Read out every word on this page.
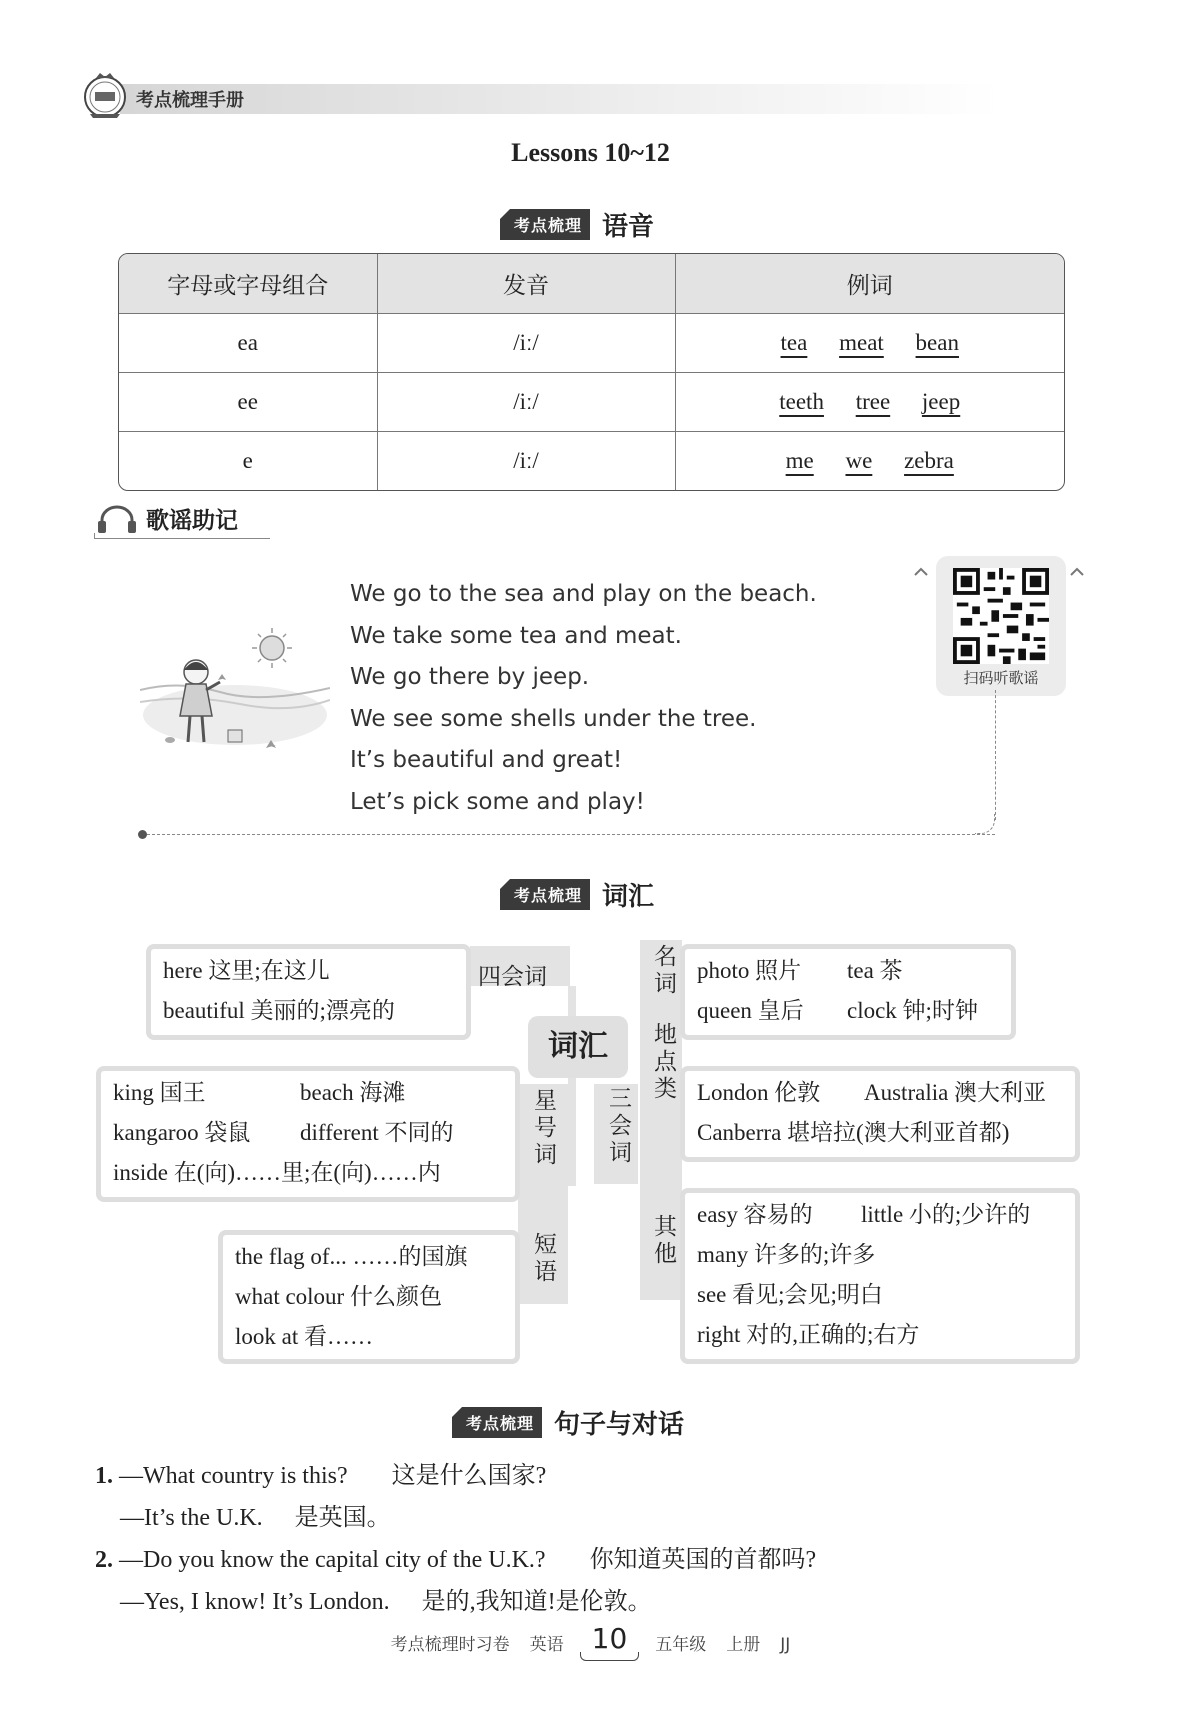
考点梳理手册
Lessons 10~12
考点梳理 语音
字母或字母组合	发音	例词
ea	/iː/	tea meat bean
ee	/iː/	teeth tree jeep
e	/iː/	me we zebra
歌谣助记
We go to the sea and play on the beach.
We take some tea and meat.
We go there by jeep.
We see some shells under the tree.
It’s beautiful and great!
Let’s pick some and play!
扫码听歌谣
考点梳理 词汇
词汇
here 这里;在这儿
beautiful 美丽的;漂亮的
四会词
king 国王	beach 海滩
kangaroo 袋鼠 different 不同的
inside 在(向)……里;在(向)……内
星号词
the flag of... ……的国旗
what colour 什么颜色
look at 看……
短语
三会词
名词 photo 照片 tea 茶
queen 皇后 clock 钟;时钟
地点类 London 伦敦 Australia 澳大利亚
Canberra 堪培拉(澳大利亚首都)
其他 easy 容易的 little 小的;少许的
many 许多的;许多
see 看见;会见;明白
right 对的,正确的;右方
考点梳理 句子与对话
1. —What country is this? 这是什么国家?
—It’s the U.K. 是英国。
2. —Do you know the capital city of the U.K.? 你知道英国的首都吗?
—Yes, I know! It’s London. 是的,我知道!是伦敦。
考点梳理时习卷 英语 10	五年级 上册 JJ
